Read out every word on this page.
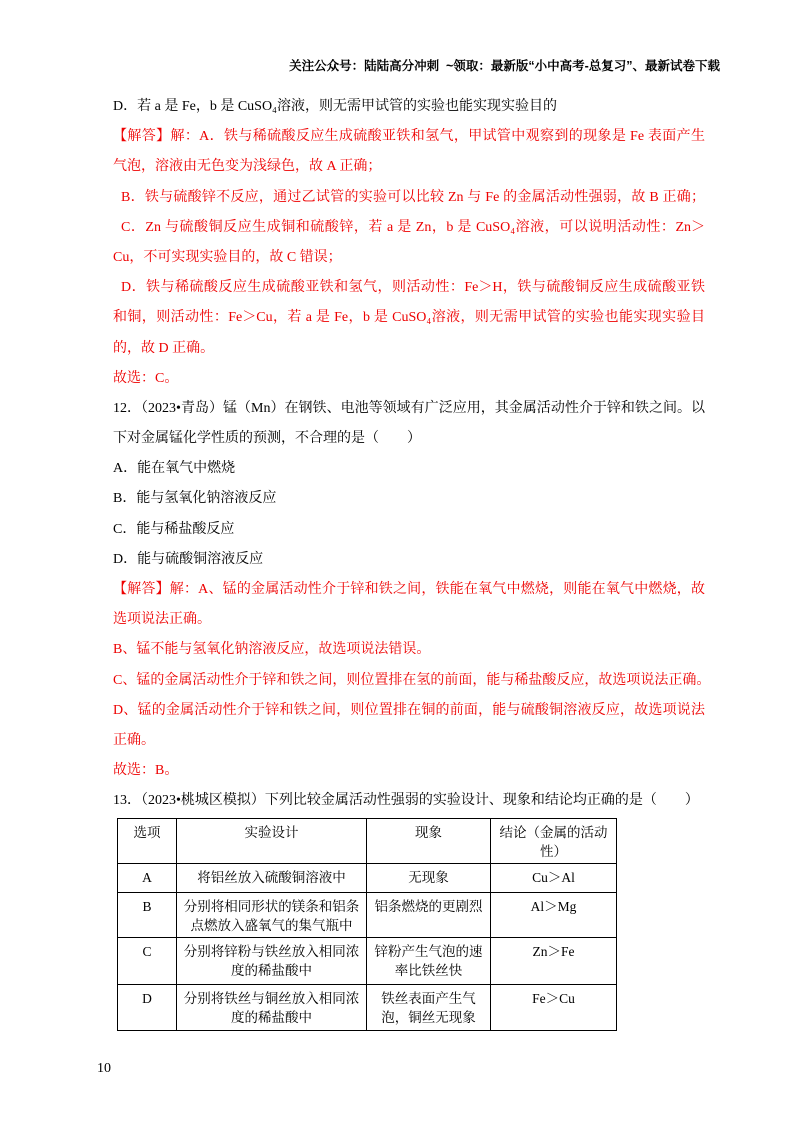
关注公众号：陆陆高分冲刺  ~领取：最新版“小中高考-总复习”、最新试卷下载
D．若 a 是 Fe，b 是 CuSO₄溶液，则无需甲试管的实验也能实现实验目的
【解答】解：A．铁与稀硫酸反应生成硫酸亚铁和氢气，甲试管中观察到的现象是 Fe 表面产生
气泡，溶液由无色变为浅绿色，故 A 正确；
B．铁与硫酸锌不反应，通过乙试管的实验可以比较 Zn 与 Fe 的金属活动性强弱，故 B 正确；
C．Zn 与硫酸铜反应生成铜和硫酸锌，若 a 是 Zn，b 是 CuSO₄溶液，可以说明活动性：Zn＞
Cu，不可实现实验目的，故 C 错误；
D．铁与稀硫酸反应生成硫酸亚铁和氢气，则活动性：Fe＞H，铁与硫酸铜反应生成硫酸亚铁
和铜，则活动性：Fe＞Cu，若 a 是 Fe，b 是 CuSO₄溶液，则无需甲试管的实验也能实现实验目
的，故 D 正确。
故选：C。
12．（2023•青岛）锰（Mn）在钢铁、电池等领域有广泛应用，其金属活动性介于锌和铁之间。以
下对金属锰化学性质的预测，不合理的是（　　）
A．能在氧气中燃烧
B．能与氢氧化钠溶液反应
C．能与稀盐酸反应
D．能与硫酸铜溶液反应
【解答】解：A、锰的金属活动性介于锌和铁之间，铁能在氧气中燃烧，则能在氧气中燃烧，故
选项说法正确。
B、锰不能与氢氧化钠溶液反应，故选项说法错误。
C、锰的金属活动性介于锌和铁之间，则位置排在氢的前面，能与稀盐酸反应，故选项说法正确。
D、锰的金属活动性介于锌和铁之间，则位置排在铜的前面，能与硫酸铜溶液反应，故选项说法
正确。
故选：B。
13．（2023•桃城区模拟）下列比较金属活动性强弱的实验设计、现象和结论均正确的是（　　）
选项	实验设计	现象	结论（金属的活动
性）

A	将铝丝放入硫酸铜溶液中	无现象	Cu＞Al

B	分别将相同形状的镁条和铝条
点燃放入盛氧气的集气瓶中	铝条燃烧的更剧烈	Al＞Mg

C	分别将锌粉与铁丝放入相同浓
度的稀盐酸中	锌粉产生气泡的速
率比铁丝快	Zn＞Fe

D	分别将铁丝与铜丝放入相同浓
度的稀盐酸中	铁丝表面产生气
泡，铜丝无现象	Fe＞Cu
10
